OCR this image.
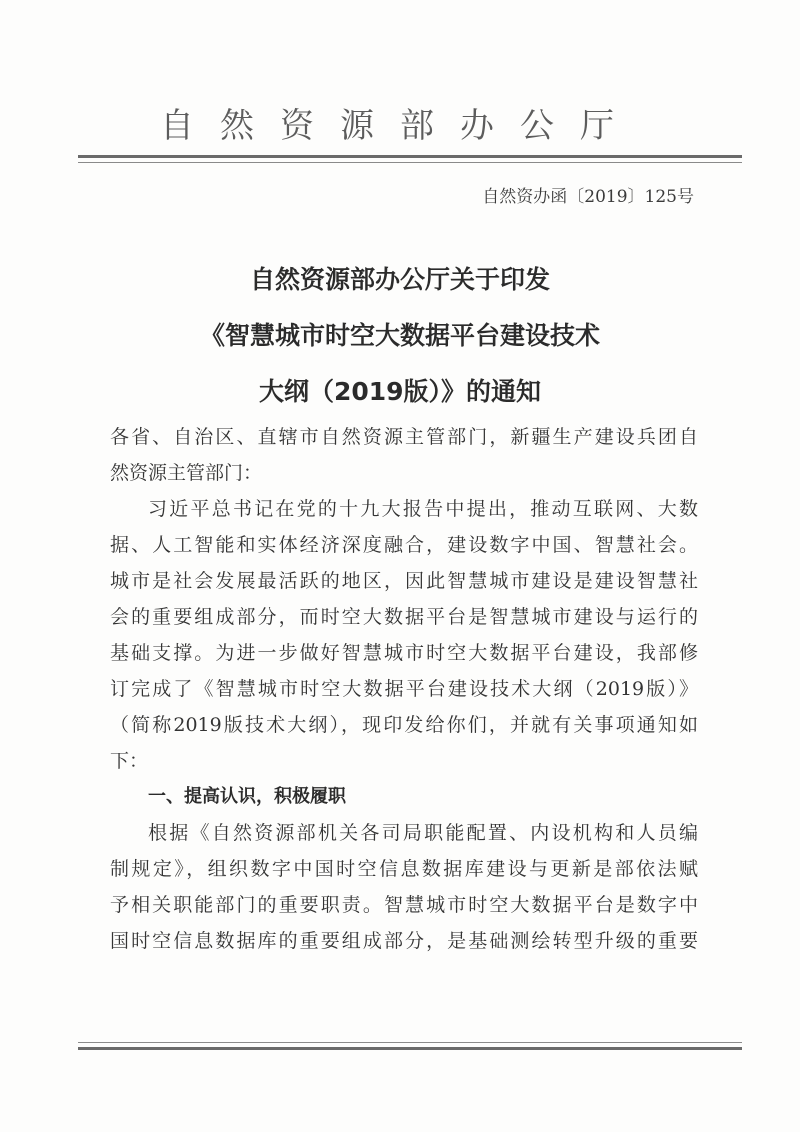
自然资源部办公厅
自然资办函〔2019〕125号
自然资源部办公厅关于印发
《智慧城市时空大数据平台建设技术
大纲（2019版）》的通知
各省、自治区、直辖市自然资源主管部门，新疆生产建设兵团自
然资源主管部门：
习近平总书记在党的十九大报告中提出，推动互联网、大数
据、人工智能和实体经济深度融合，建设数字中国、智慧社会。
城市是社会发展最活跃的地区，因此智慧城市建设是建设智慧社
会的重要组成部分，而时空大数据平台是智慧城市建设与运行的
基础支撑。为进一步做好智慧城市时空大数据平台建设，我部修
订完成了《智慧城市时空大数据平台建设技术大纲（2019版）》
（简称2019版技术大纲），现印发给你们，并就有关事项通知如
下：
一、提高认识，积极履职
根据《自然资源部机关各司局职能配置、内设机构和人员编
制规定》，组织数字中国时空信息数据库建设与更新是部依法赋
予相关职能部门的重要职责。智慧城市时空大数据平台是数字中
国时空信息数据库的重要组成部分，是基础测绘转型升级的重要
